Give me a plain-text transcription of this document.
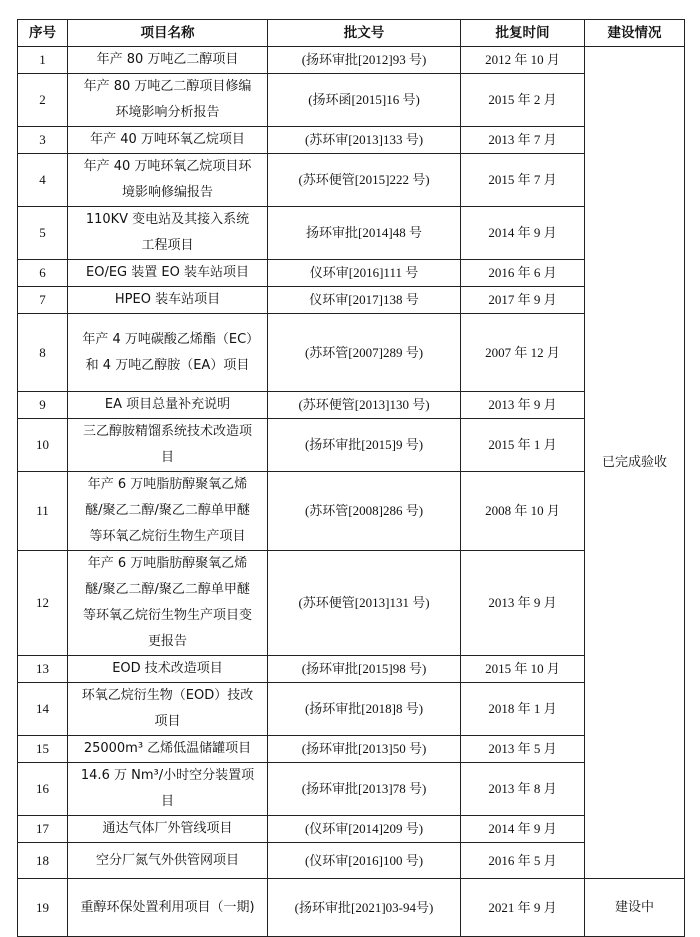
序号	项目名称	批文号	批复时间	建设情况
1	年产 80 万吨乙二醇项目	(扬环审批[2012]93 号)	2012 年 10 月	已完成验收
2	年产 80 万吨乙二醇项目修编环境影响分析报告	(扬环函[2015]16 号)	2015 年 2 月	
3	年产 40 万吨环氧乙烷项目	(苏环审[2013]133 号)	2013 年 7 月	
4	年产 40 万吨环氧乙烷项目环境影响修编报告	(苏环便管[2015]222 号)	2015 年 7 月	
5	110KV 变电站及其接入系统工程项目	扬环审批[2014]48 号	2014 年 9 月	
6	EO/EG 装置 EO 装车站项目	仪环审[2016]111 号	2016 年 6 月	
7	HPEO 装车站项目	仪环审[2017]138 号	2017 年 9 月	
8	年产 4 万吨碳酸乙烯酯（EC）和 4 万吨乙醇胺（EA）项目	(苏环管[2007]289 号)	2007 年 12 月	
9	EA 项目总量补充说明	(苏环便管[2013]130 号)	2013 年 9 月	
10	三乙醇胺精馏系统技术改造项目	(扬环审批[2015]9 号)	2015 年 1 月	
11	年产 6 万吨脂肪醇聚氧乙烯醚/聚乙二醇/聚乙二醇单甲醚等环氧乙烷衍生物生产项目	(苏环管[2008]286 号)	2008 年 10 月	
12	年产 6 万吨脂肪醇聚氧乙烯醚/聚乙二醇/聚乙二醇单甲醚等环氧乙烷衍生物生产项目变更报告	(苏环便管[2013]131 号)	2013 年 9 月	
13	EOD 技术改造项目	(扬环审批[2015]98 号)	2015 年 10 月	
14	环氧乙烷衍生物（EOD）技改项目	(扬环审批[2018]8 号)	2018 年 1 月	
15	25000m³ 乙烯低温储罐项目	(扬环审批[2013]50 号)	2013 年 5 月	
16	14.6 万 Nm³/小时空分装置项目	(扬环审批[2013]78 号)	2013 年 8 月	
17	通达气体厂外管线项目	(仪环审[2014]209 号)	2014 年 9 月	
18	空分厂氮气外供管网项目	(仪环审[2016]100 号)	2016 年 5 月	
19	重醇环保处置利用项目（一期)	(扬环审批[2021]03-94号)	2021 年 9 月	建设中
